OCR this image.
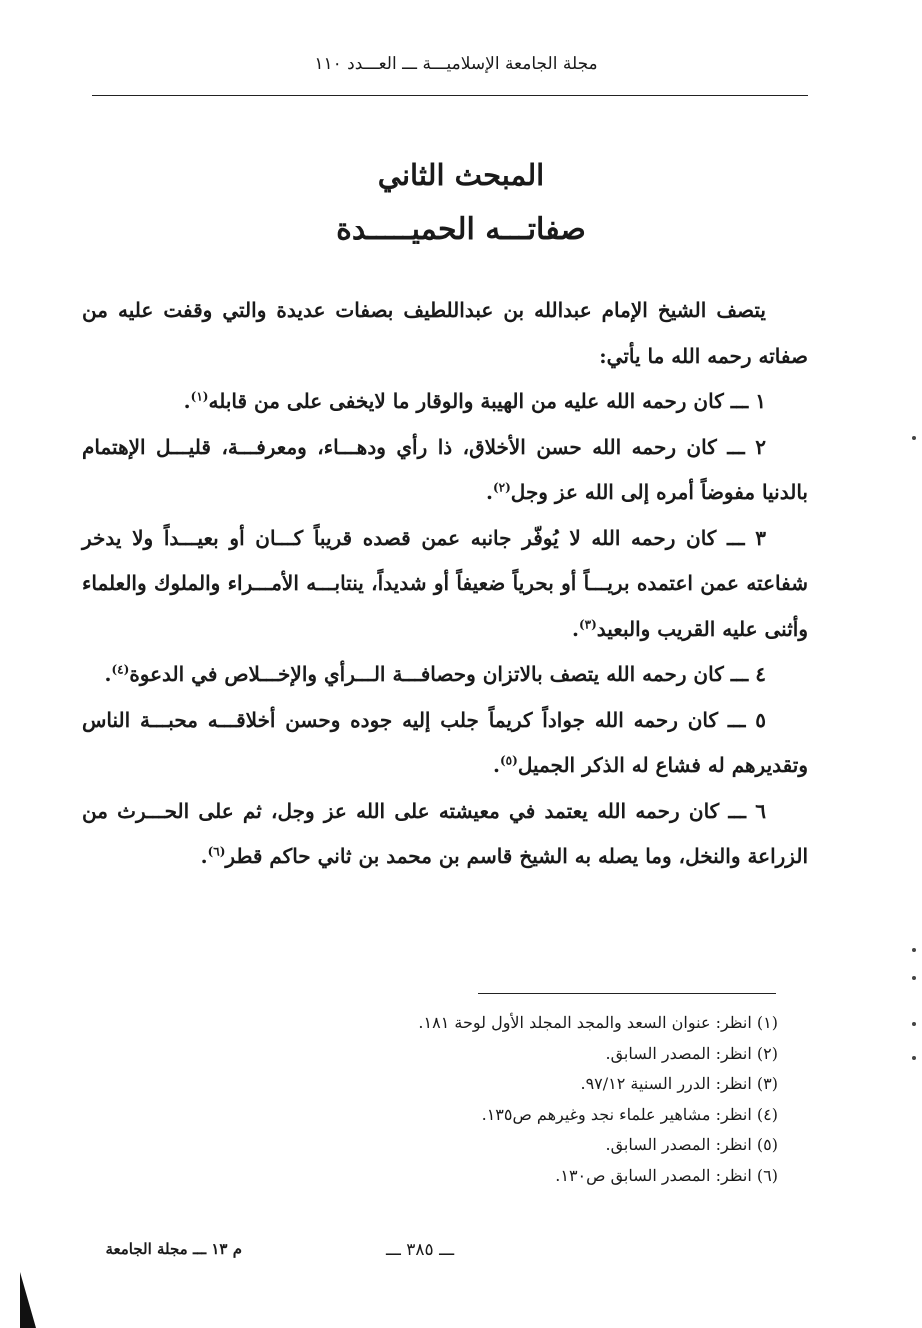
مجلة الجامعة الإسلاميـــة ـــ العـــدد ١١٠
المبحث الثاني
صفاتـــه الحميـــــدة

يتصف الشيخ الإمام عبدالله بن عبداللطيف بصفات عديدة والتي وقفت عليه من صفاته رحمه الله ما يأتي:

١ ـــ كان رحمه الله عليه من الهيبة والوقار ما لايخفى على من قابله$^{(١)}$.

٢ ـــ كان رحمه الله حسن الأخلاق، ذا رأي ودهـــاء، ومعرفـــة، قليـــل الإهتمام بالدنيا مفوضاً أمره إلى الله عز وجل$^{(٢)}$.

٣ ـــ كان رحمه الله لا يُوفّر جانبه عمن قصده قريباً كـــان أو بعيـــداً ولا يدخر شفاعته عمن اعتمده بريـــاً أو بحرياً ضعيفاً أو شديداً، ينتابـــه الأمـــراء والملوك والعلماء وأثنى عليه القريب والبعيد$^{(٣)}$.

٤ ـــ كان رحمه الله يتصف بالاتزان وحصافـــة الـــرأي والإخـــلاص في الدعوة$^{(٤)}$.

٥ ـــ كان رحمه الله جواداً كريماً جلب إليه جوده وحسن أخلاقـــه محبـــة الناس وتقديرهم له فشاع له الذكر الجميل$^{(٥)}$.

٦ ـــ كان رحمه الله يعتمد في معيشته على الله عز وجل، ثم على الحـــرث من الزراعة والنخل، وما يصله به الشيخ قاسم بن محمد بن ثاني حاكم قطر$^{(٦)}$.

(١) انظر: عنوان السعد والمجد المجلد الأول لوحة ١٨١.
(٢) انظر: المصدر السابق.
(٣) انظر: الدرر السنية ٩٧/١٢.
(٤) انظر: مشاهير علماء نجد وغيرهم ص١٣٥.
(٥) انظر: المصدر السابق.
(٦) انظر: المصدر السابق ص١٣٠.
م ١٣ ـــ مجلة الجامعة	ـــ ٣٨٥ ـــ
